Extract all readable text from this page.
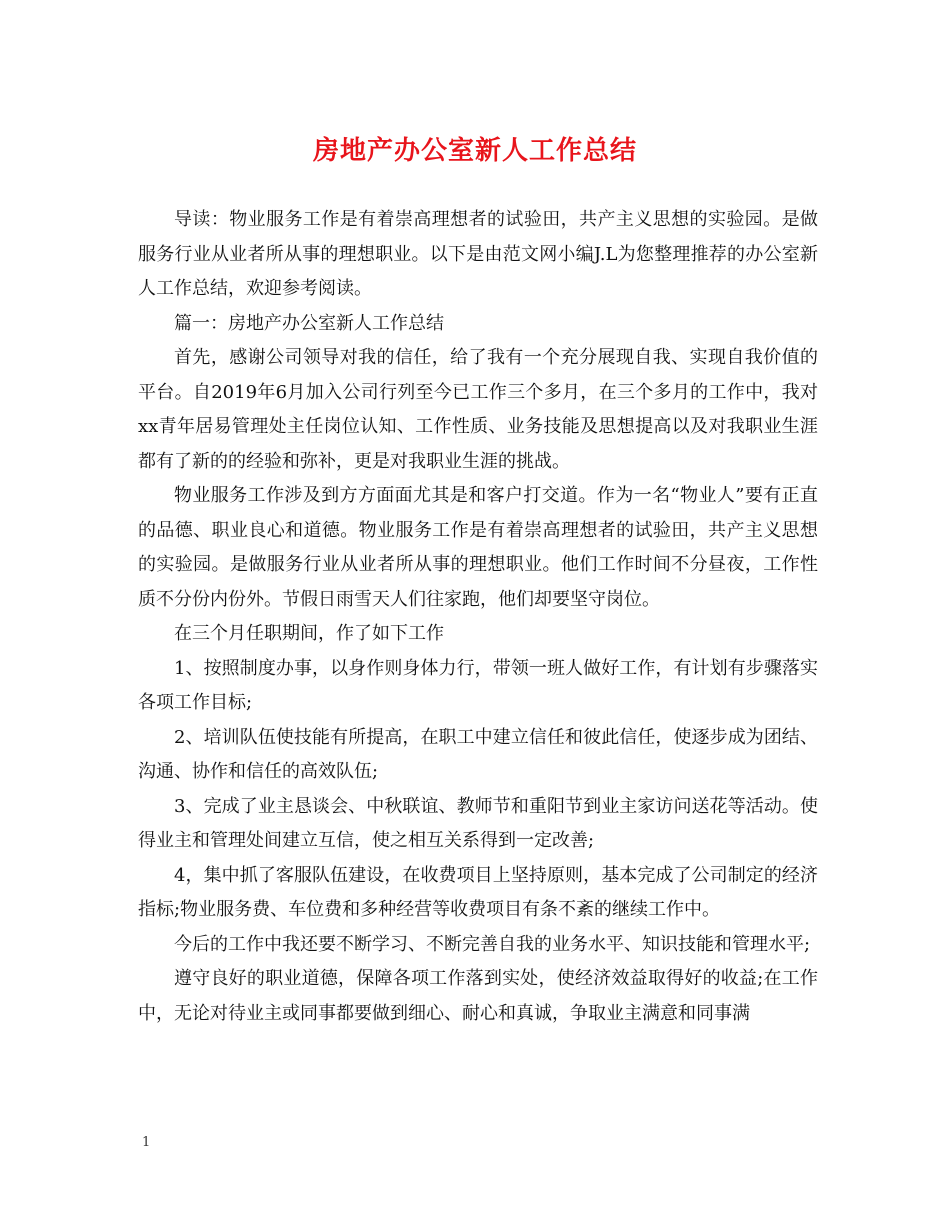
房地产办公室新人工作总结

导读：物业服务工作是有着崇高理想者的试验田，共产主义思想的实验园。是做服务行业从业者所从事的理想职业。以下是由范文网小编J.L为您整理推荐的办公室新人工作总结，欢迎参考阅读。

篇一：房地产办公室新人工作总结

首先，感谢公司领导对我的信任，给了我有一个充分展现自我、实现自我价值的平台。自2019年6月加入公司行列至今已工作三个多月，在三个多月的工作中，我对xx青年居易管理处主任岗位认知、工作性质、业务技能及思想提高以及对我职业生涯都有了新的的经验和弥补，更是对我职业生涯的挑战。

物业服务工作涉及到方方面面尤其是和客户打交道。作为一名“物业人”要有正直的品德、职业良心和道德。物业服务工作是有着崇高理想者的试验田，共产主义思想的实验园。是做服务行业从业者所从事的理想职业。他们工作时间不分昼夜，工作性质不分份内份外。节假日雨雪天人们往家跑，他们却要坚守岗位。

在三个月任职期间，作了如下工作

1、按照制度办事，以身作则身体力行，带领一班人做好工作，有计划有步骤落实各项工作目标;

2、培训队伍使技能有所提高，在职工中建立信任和彼此信任，使逐步成为团结、沟通、协作和信任的高效队伍;

3、完成了业主恳谈会、中秋联谊、教师节和重阳节到业主家访问送花等活动。使得业主和管理处间建立互信，使之相互关系得到一定改善;

4，集中抓了客服队伍建设，在收费项目上坚持原则，基本完成了公司制定的经济指标;物业服务费、车位费和多种经营等收费项目有条不紊的继续工作中。

今后的工作中我还要不断学习、不断完善自我的业务水平、知识技能和管理水平;

遵守良好的职业道德，保障各项工作落到实处，使经济效益取得好的收益;在工作中，无论对待业主或同事都要做到细心、耐心和真诚，争取业主满意和同事满

1
